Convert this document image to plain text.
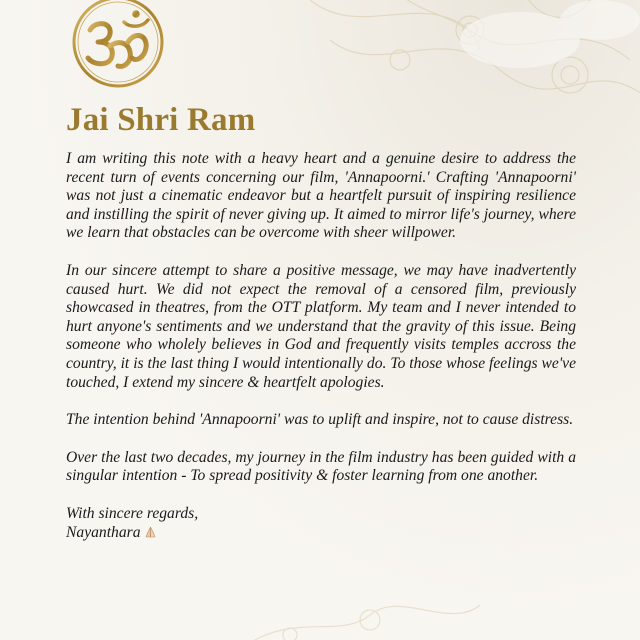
Jai Shri Ram

I am writing this note with a heavy heart and a genuine desire to address the recent turn of events concerning our film, 'Annapoorni.' Crafting 'Annapoorni' was not just a cinematic endeavor but a heartfelt pursuit of inspiring resilience and instilling the spirit of never giving up. It aimed to mirror life's journey, where we learn that obstacles can be overcome with sheer willpower.

In our sincere attempt to share a positive message, we may have inadvertently caused hurt. We did not expect the removal of a censored film, previously showcased in theatres, from the OTT platform. My team and I never intended to hurt anyone's sentiments and we understand that the gravity of this issue. Being someone who wholely believes in God and frequently visits temples accross the country, it is the last thing I would intentionally do. To those whose feelings we've touched, I extend my sincere & heartfelt apologies.

The intention behind 'Annapoorni' was to uplift and inspire, not to cause distress.

Over the last two decades, my journey in the film industry has been guided with a singular intention - To spread positivity & foster learning from one another.

With sincere regards,
Nayanthara
